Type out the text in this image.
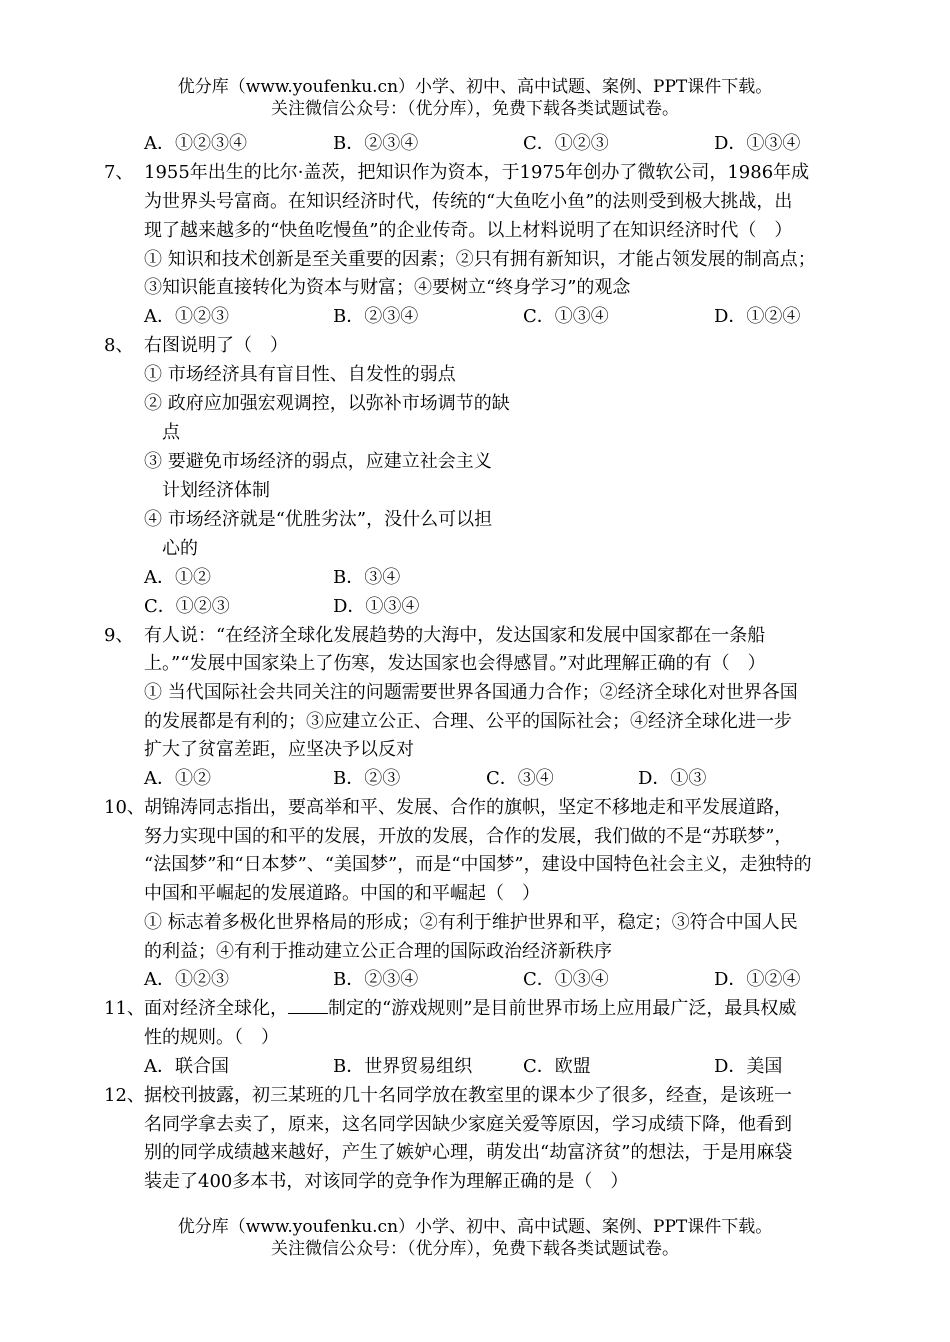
优分库（www.youfenku.cn）小学、初中、高中试题、案例、PPT课件下载。
关注微信公众号：（优分库），免费下载各类试题试卷。
A．①②③④	B．②③④	C．①②③	D．①③④
7、 1955年出生的比尔·盖茨，把知识作为资本，于1975年创办了微软公司，1986年成
为世界头号富商。在知识经济时代，传统的“大鱼吃小鱼”的法则受到极大挑战，出
现了越来越多的“快鱼吃慢鱼”的企业传奇。以上材料说明了在知识经济时代（　）
① 知识和技术创新是至关重要的因素；②只有拥有新知识，才能占领发展的制高点；
③知识能直接转化为资本与财富；④要树立“终身学习”的观念
A．①②③	B．②③④	C．①③④	D．①②④
8、 右图说明了（　）
① 市场经济具有盲目性、自发性的弱点
② 政府应加强宏观调控，以弥补市场调节的缺
点
③ 要避免市场经济的弱点，应建立社会主义
计划经济体制
④ 市场经济就是“优胜劣汰”，没什么可以担
心的
A．①②	B．③④
C．①②③	D．①③④
9、 有人说：“在经济全球化发展趋势的大海中，发达国家和发展中国家都在一条船
上。”“发展中国家染上了伤寒，发达国家也会得感冒。”对此理解正确的有（　）
① 当代国际社会共同关注的问题需要世界各国通力合作；②经济全球化对世界各国
的发展都是有利的；③应建立公正、合理、公平的国际社会；④经济全球化进一步
扩大了贫富差距，应坚决予以反对
A．①②	B．②③	C．③④	D．①③
10、 胡锦涛同志指出，要高举和平、发展、合作的旗帜，坚定不移地走和平发展道路，
努力实现中国的和平的发展，开放的发展，合作的发展，我们做的不是“苏联梦”，
“法国梦”和“日本梦”、“美国梦”，而是“中国梦”，建设中国特色社会主义，走独特的
中国和平崛起的发展道路。中国的和平崛起（　）
① 标志着多极化世界格局的形成；②有利于维护世界和平，稳定；③符合中国人民
的利益；④有利于推动建立公正合理的国际政治经济新秩序
A．①②③	B．②③④	C．①③④	D．①②④
11、 面对经济全球化， 制定的“游戏规则”是目前世界市场上应用最广泛，最具权威
性的规则。（　）
A．联合国	B．世界贸易组织	C．欧盟	D．美国
12、 据校刊披露，初三某班的几十名同学放在教室里的课本少了很多，经查，是该班一
名同学拿去卖了，原来，这名同学因缺少家庭关爱等原因，学习成绩下降，他看到
别的同学成绩越来越好，产生了嫉妒心理，萌发出“劫富济贫”的想法，于是用麻袋
装走了400多本书，对该同学的竞争作为理解正确的是（　）
优分库（www.youfenku.cn）小学、初中、高中试题、案例、PPT课件下载。
关注微信公众号：（优分库），免费下载各类试题试卷。
